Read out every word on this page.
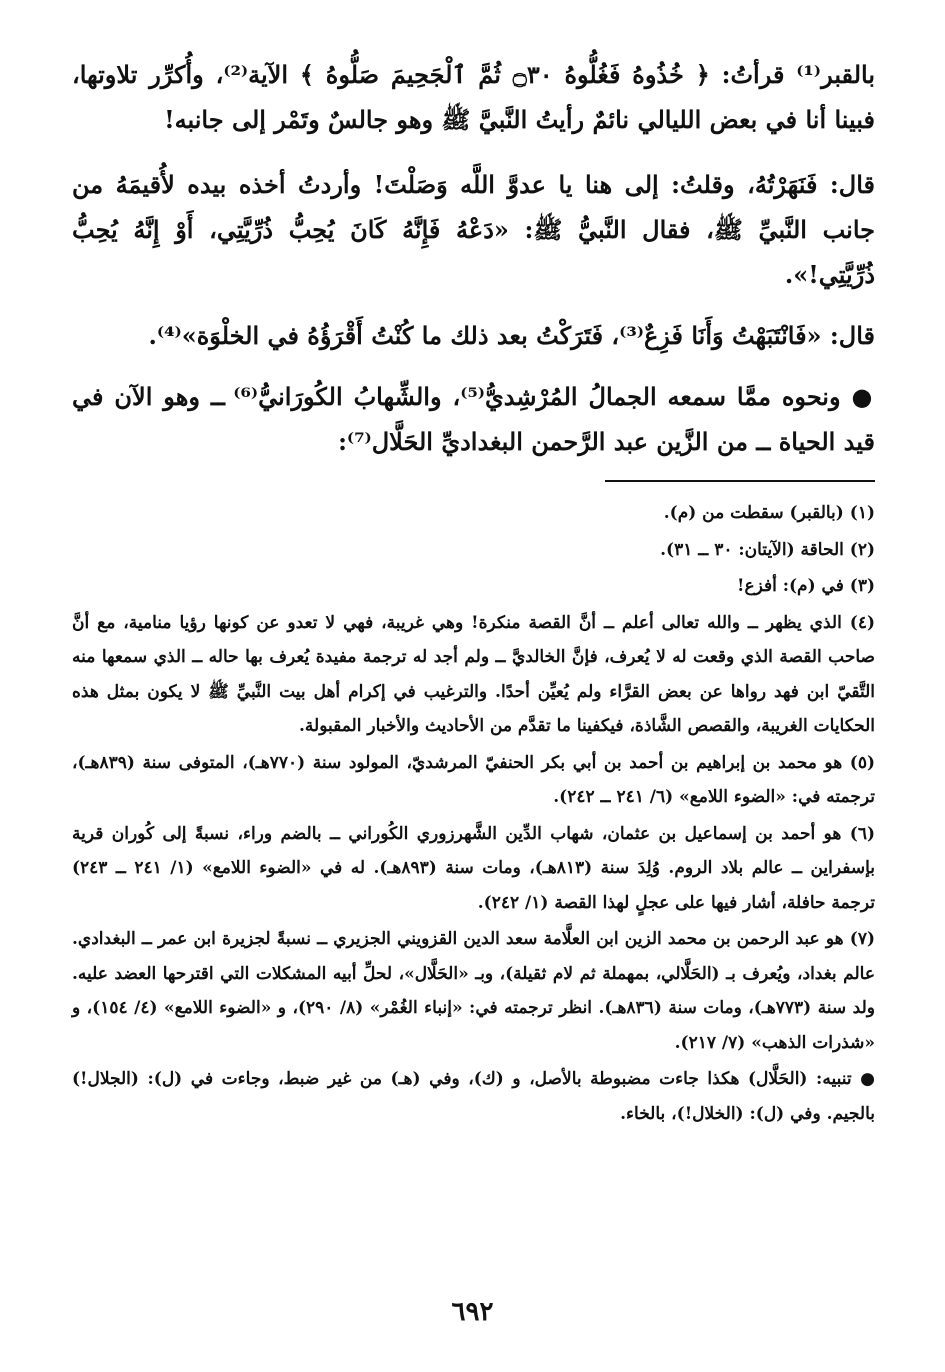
بالقبر⁽¹⁾ قرأتُ: ﴿ خُذُوهُ فَغُلُّوهُ ۝٣٠ ثُمَّ ٱلْجَحِيمَ صَلُّوهُ ﴾ الآية⁽²⁾، وأُكرِّر تلاوتها، فبينا أنا في بعض الليالي نائمٌ رأيتُ النَّبيَّ ﷺ وهو جالسٌ وتَمْر إلى جانبه!

قال: فَنَهَرْتُهُ، وقلتُ: إلى هنا يا عدوَّ اللَّه وَصَلْتَ! وأردتُ أخذه بيده لأُقيمَهُ من جانب النَّبيِّ ﷺ، فقال النَّبيُّ ﷺ: «دَعْهُ فَإِنَّهُ كَانَ يُحِبُّ ذُرِّيَّتِي، أَوْ إِنَّهُ يُحِبُّ ذُرِّيَّتِي!».

قال: «فَانْتَبَهْتُ وَأَنَا فَزِعٌ⁽³⁾، فَتَرَكْتُ بعد ذلك ما كُنْتُ أَقْرَؤُهُ في الخلْوَة»⁽⁴⁾.

● ونحوه ممَّا سمعه الجمالُ المُرْشِديُّ⁽⁵⁾، والشِّهابُ الكُورَانيُّ⁽⁶⁾ ــ وهو الآن في قيد الحياة ــ من الزَّين عبد الرَّحمن البغداديِّ الحَلَّال⁽⁷⁾:

(١) (بالقبر) سقطت من (م).

(٢) الحاقة (الآيتان: ٣٠ ــ ٣١).

(٣) في (م): أفزع!

(٤) الذي يظهر ــ والله تعالى أعلم ــ أنَّ القصة منكرة! وهي غريبة، فهي لا تعدو عن كونها رؤيا منامية، مع أنَّ صاحب القصة الذي وقعت له لا يُعرف، فإنَّ الخالديَّ ــ ولم أجد له ترجمة مفيدة يُعرف بها حاله ــ الذي سمعها منه التَّقيّ ابن فهد رواها عن بعض القرَّاء ولم يُعيِّن أحدًا. والترغيب في إكرام أهل بيت النَّبيِّ ﷺ لا يكون بمثل هذه الحكايات الغريبة، والقصص الشَّاذة، فيكفينا ما تقدَّم من الأحاديث والأخبار المقبولة.

(٥) هو محمد بن إبراهيم بن أحمد بن أبي بكر الحنفيّ المرشديّ، المولود سنة (٧٧٠هـ)، المتوفى سنة (٨٣٩هـ)، ترجمته في: «الضوء اللامع» (٦/ ٢٤١ ــ ٢٤٢).

(٦) هو أحمد بن إسماعيل بن عثمان، شهاب الدِّين الشَّهرزوري الكُوراني ــ بالضم وراء، نسبةً إلى كُوران قرية بإسفراين ــ عالم بلاد الروم. وُلِدَ سنة (٨١٣هـ)، ومات سنة (٨٩٣هـ). له في «الضوء اللامع» (١/ ٢٤١ ــ ٢٤٣) ترجمة حافلة، أشار فيها على عجلٍ لهذا القصة (١/ ٢٤٢).

(٧) هو عبد الرحمن بن محمد الزين ابن العلَّامة سعد الدين القزويني الجزيري ــ نسبةً لجزيرة ابن عمر ــ البغدادي. عالم بغداد، ويُعرف بـ (الحَلَّالي، بمهملة ثم لام ثقيلة)، وبـ «الحَلَّال»، لحلِّ أبيه المشكلات التي اقترحها العضد عليه. ولد سنة (٧٧٣هـ)، ومات سنة (٨٣٦هـ). انظر ترجمته في: «إنباء الغُمْر» (٨/ ٢٩٠)، و «الضوء اللامع» (٤/ ١٥٤)، و «شذرات الذهب» (٧/ ٢١٧).

● تنبيه: (الحَلَّال) هكذا جاءت مضبوطة بالأصل، و (ك)، وفي (هـ) من غير ضبط، وجاءت في (ل): (الجلال!) بالجيم. وفي (ل): (الخلال!)، بالخاء.

٦٩٢
